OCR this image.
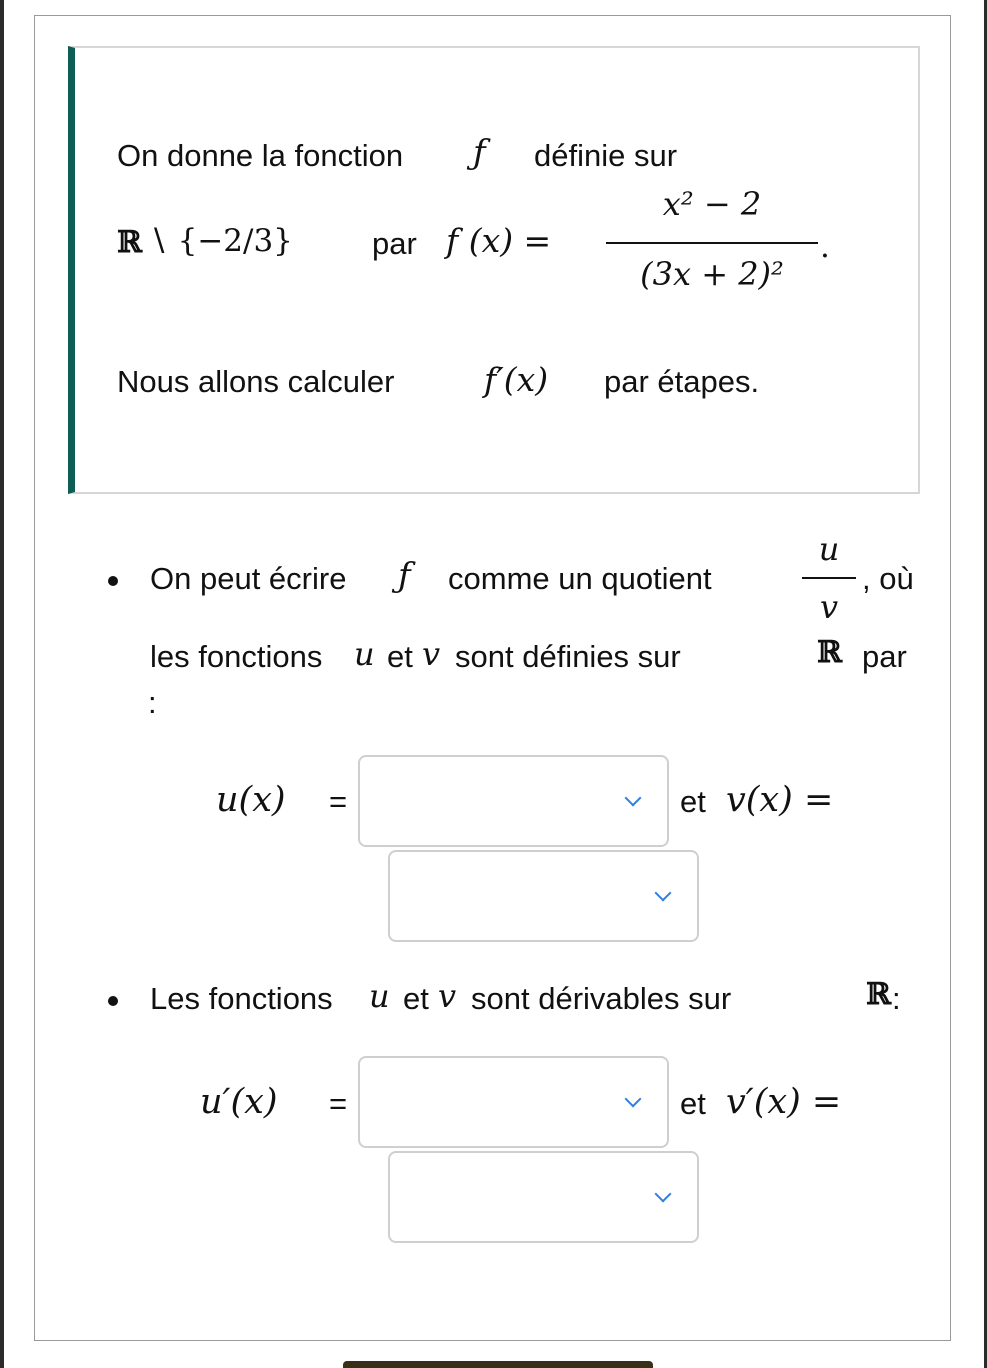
On donne la fonction ƒ définie sur
ℝ ∖ {−2/3}	par f (x) =
x² − 2
(3x + 2)²
.
Nous allons calculer	f′(x) par étapes.
On peut écrire ƒ comme un quotient
u
v
, où
les fonctions u et v sont définies sur	ℝ par
:
u(x) =	et v(x) =
Les fonctions u et v sont dérivables sur	ℝ :
u′(x) =	et v′(x) =
